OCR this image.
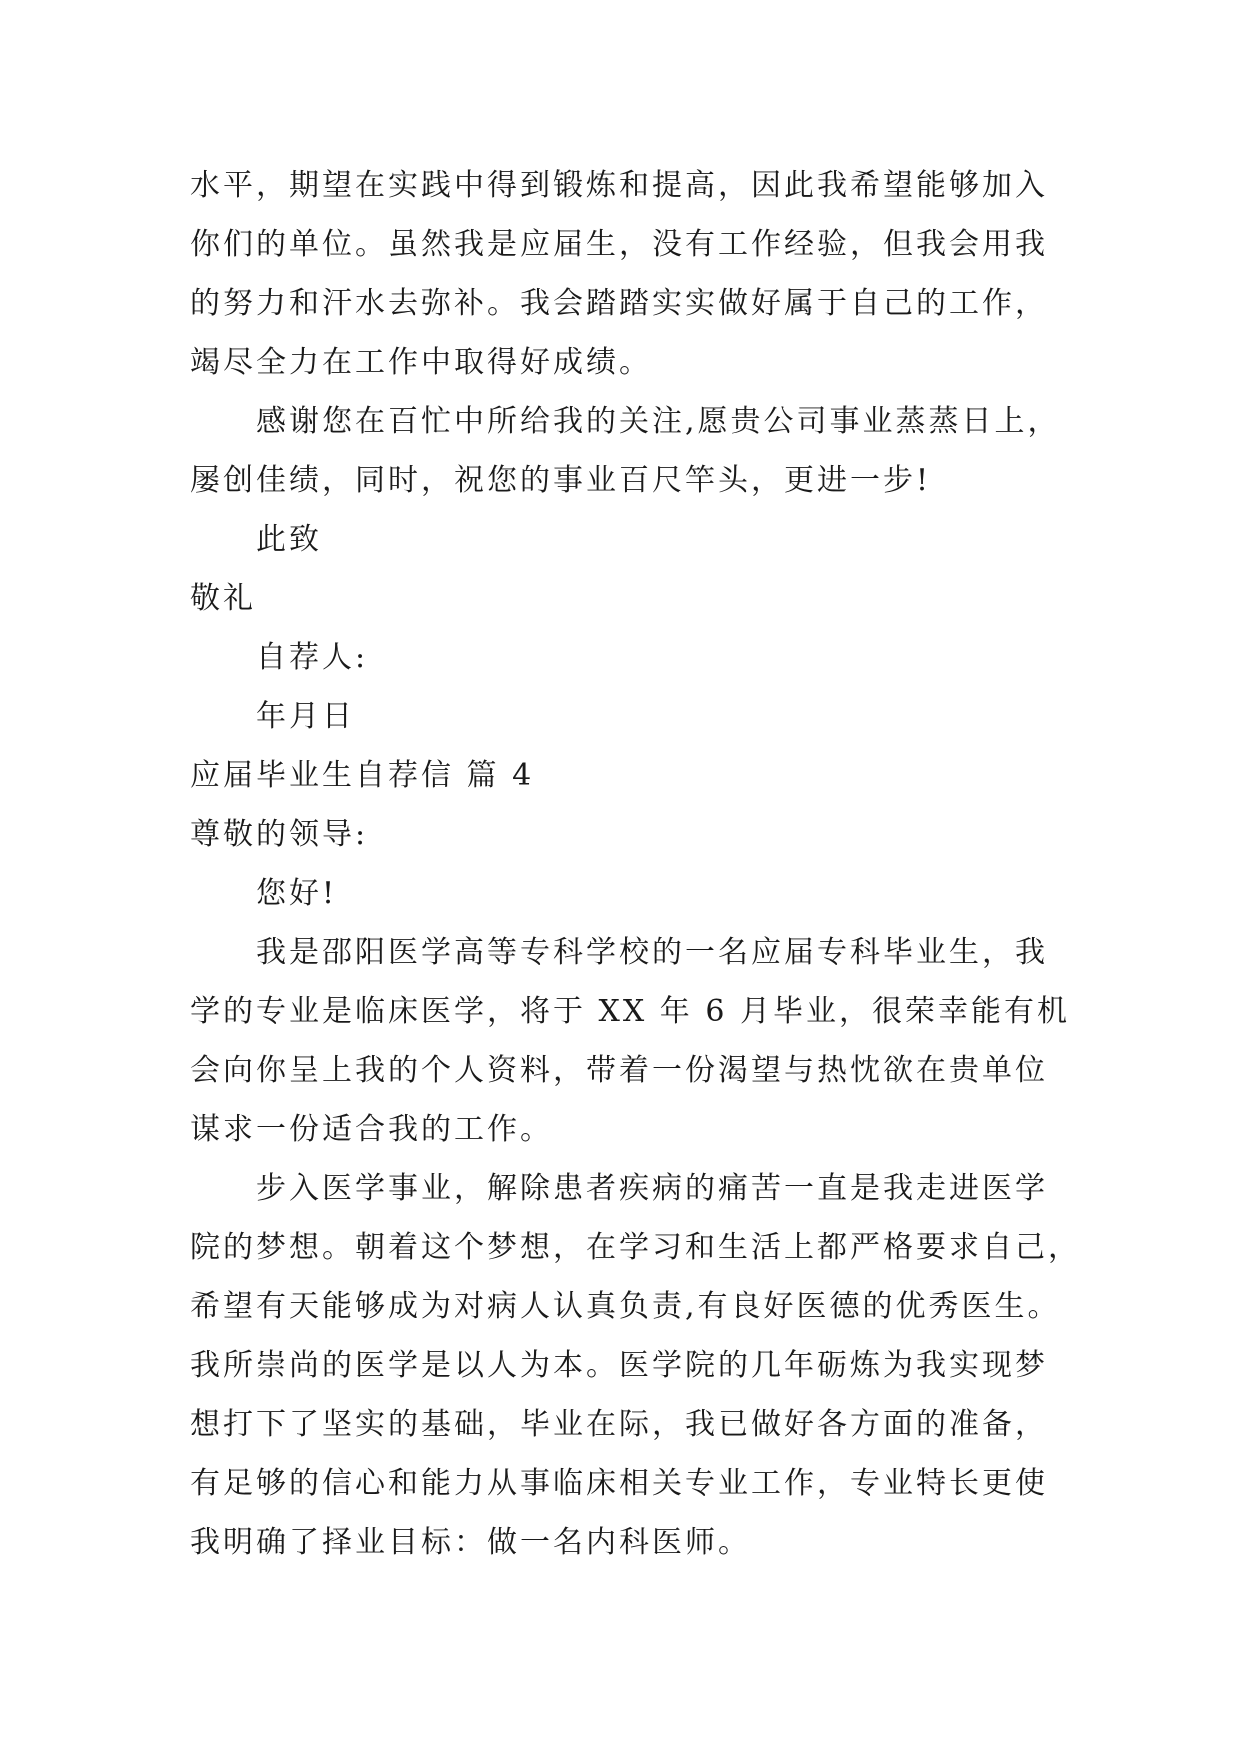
水平，期望在实践中得到锻炼和提高，因此我希望能够加入
你们的单位。虽然我是应届生，没有工作经验，但我会用我
的努力和汗水去弥补。我会踏踏实实做好属于自己的工作，
竭尽全力在工作中取得好成绩。
感谢您在百忙中所给我的关注,愿贵公司事业蒸蒸日上，
屡创佳绩，同时，祝您的事业百尺竿头，更进一步!
此致
敬礼
自荐人:
年月日
应届毕业生自荐信 篇 4
尊敬的领导:
您好!
我是邵阳医学高等专科学校的一名应届专科毕业生，我
学的专业是临床医学，将于 XX 年 6 月毕业，很荣幸能有机
会向你呈上我的个人资料，带着一份渴望与热忱欲在贵单位
谋求一份适合我的工作。
步入医学事业，解除患者疾病的痛苦一直是我走进医学
院的梦想。朝着这个梦想，在学习和生活上都严格要求自己，
希望有天能够成为对病人认真负责,有良好医德的优秀医生。
我所崇尚的医学是以人为本。医学院的几年砺炼为我实现梦
想打下了坚实的基础，毕业在际，我已做好各方面的准备，
有足够的信心和能力从事临床相关专业工作，专业特长更使
我明确了择业目标：做一名内科医师。
